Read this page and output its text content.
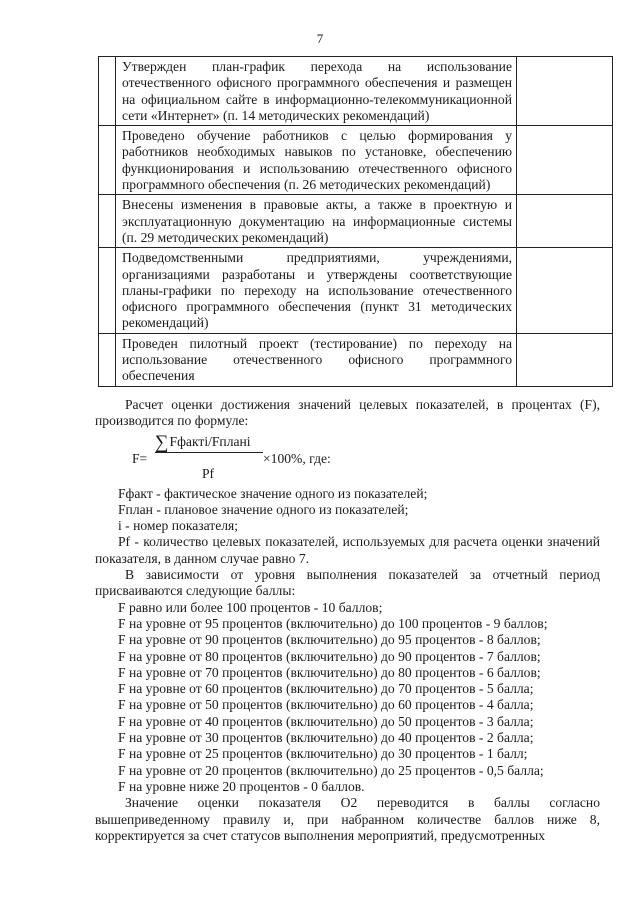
7
	Утвержден план-график перехода на использование отечественного офисного программного обеспечения и размещен на официальном сайте в информационно-телекоммуникационной сети «Интернет» (п. 14 методических рекомендаций)	
	Проведено обучение работников с целью формирования у работников необходимых навыков по установке, обеспечению функционирования и использованию отечественного офисного программного обеспечения (п. 26 методических рекомендаций)	
	Внесены изменения в правовые акты, а также в проектную и эксплуатационную документацию на информационные системы (п. 29 методических рекомендаций)	
	Подведомственными предприятиями, учреждениями, организациями разработаны и утверждены соответствующие планы-графики по переходу на использование отечественного офисного программного обеспечения (пункт 31 методических рекомендаций)	
	Проведен пилотный проект (тестирование) по переходу на использование отечественного офисного программного обеспечения	

Расчет оценки достижения значений целевых показателей, в процентах (F), производится по формуле:

F=
∑Fфакті/Fплані
Pf
×100%, где:

Fфакт - фактическое значение одного из показателей;

Fплан - плановое значение одного из показателей;

i - номер показателя;

Pf - количество целевых показателей, используемых для расчета оценки значений показателя, в данном случае равно 7.

В зависимости от уровня выполнения показателей за отчетный период присваиваются следующие баллы:

F равно или более 100 процентов - 10 баллов;

F на уровне от 95 процентов (включительно) до 100 процентов - 9 баллов;

F на уровне от 90 процентов (включительно) до 95 процентов - 8 баллов;

F на уровне от 80 процентов (включительно) до 90 процентов - 7 баллов;

F на уровне от 70 процентов (включительно) до 80 процентов - 6 баллов;

F на уровне от 60 процентов (включительно) до 70 процентов - 5 балла;

F на уровне от 50 процентов (включительно) до 60 процентов - 4 балла;

F на уровне от 40 процентов (включительно) до 50 процентов - 3 балла;

F на уровне от 30 процентов (включительно) до 40 процентов - 2 балла;

F на уровне от 25 процентов (включительно) до 30 процентов - 1 балл;

F на уровне от 20 процентов (включительно) до 25 процентов - 0,5 балла;

F на уровне ниже 20 процентов - 0 баллов.

Значение оценки показателя О2 переводится в баллы согласно вышеприведенному правилу и, при набранном количестве баллов ниже 8, корректируется за счет статусов выполнения мероприятий, предусмотренных
